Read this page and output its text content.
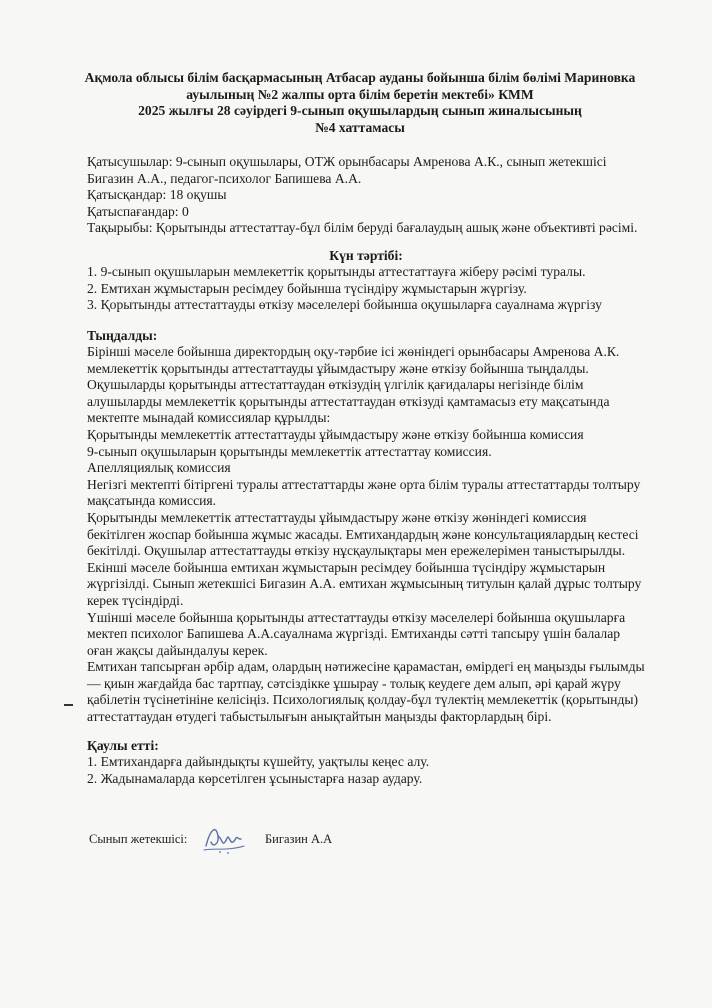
Ақмола облысы білім басқармасының Атбасар ауданы бойынша білім бөлімі Мариновка
ауылының №2 жалпы орта білім беретін мектебі» КММ
2025 жылғы 28 сәуірдегі 9-сынып оқушылардың сынып жиналысының
№4 хаттамасы
Қатысушылар: 9-сынып оқушылары, ОТЖ орынбасары Амренова А.К., сынып жетекшісі
Бигазин А.А., педагог-психолог Бапишева А.А.
Қатысқандар: 18 оқушы
Қатыспағандар: 0
Тақырыбы: Қорытынды аттестаттау-бұл білім беруді бағалаудың ашық және объективті рәсімі.
Күн тәртібі:
1. 9-сынып оқушыларын мемлекеттік қорытынды аттестаттауға жіберу рәсімі туралы.
2. Емтихан жұмыстарын ресімдеу бойынша түсіндіру жұмыстарын жүргізу.
3. Қорытынды аттестаттауды өткізу мәселелері бойынша оқушыларға сауалнама жүргізу
Тыңдалды:
Бірінші мәселе бойынша директордың оқу-тәрбие ісі жөніндегі орынбасары Амренова А.К.
мемлекеттік қорытынды аттестаттауды ұйымдастыру және өткізу бойынша тыңдалды.
Оқушыларды қорытынды аттестаттаудан өткізудің үлгілік қағидалары негізінде білім
алушыларды мемлекеттік қорытынды аттестаттаудан өткізуді қамтамасыз ету мақсатында
мектепте мынадай комиссиялар құрылды:
Қорытынды мемлекеттік аттестаттауды ұйымдастыру және өткізу бойынша комиссия
9-сынып оқушыларын қорытынды мемлекеттік аттестаттау комиссия.
Апелляциялық комиссия
Негізгі мектепті бітіргені туралы аттестаттарды және орта білім туралы аттестаттарды толтыру
мақсатында комиссия.
Қорытынды мемлекеттік аттестаттауды ұйымдастыру және өткізу жөніндегі комиссия
бекітілген жоспар бойынша жұмыс жасады. Емтихандардың және консультациялардың кестесі
бекітілді. Оқушылар аттестаттауды өткізу нұсқаулықтары мен ережелерімен таныстырылды.
Екінші мәселе бойынша емтихан жұмыстарын ресімдеу бойынша түсіндіру жұмыстарын
жүргізілді. Сынып жетекшісі Бигазин А.А. емтихан жұмысының титулын қалай дұрыс толтыру
керек түсіндірді.
Үшінші мәселе бойынша қорытынды аттестаттауды өткізу мәселелері бойынша оқушыларға
мектеп психолог Бапишева А.А.сауалнама жүргізді. Емтиханды сәтті тапсыру үшін балалар
оған жақсы дайындалуы керек.
Емтихан тапсырған әрбір адам, олардың нәтижесіне қарамастан, өмірдегі ең маңызды ғылымды
— қиын жағдайда бас тартпау, сәтсіздікке ұшырау - толық кеудеге дем алып, әрі қарай жүру
қабілетін түсінетініне келісіңіз. Психологиялық қолдау-бұл түлектің мемлекеттік (қорытынды)
аттестаттаудан өтудегі табыстылығын анықтайтын маңызды факторлардың бірі.
Қаулы етті:
1. Емтихандарға дайындықты күшейту, уақтылы кеңес алу.
2. Жадынамаларда көрсетілген ұсыныстарға назар аудару.
Сынып жетекшісі:	Бигазин А.А
